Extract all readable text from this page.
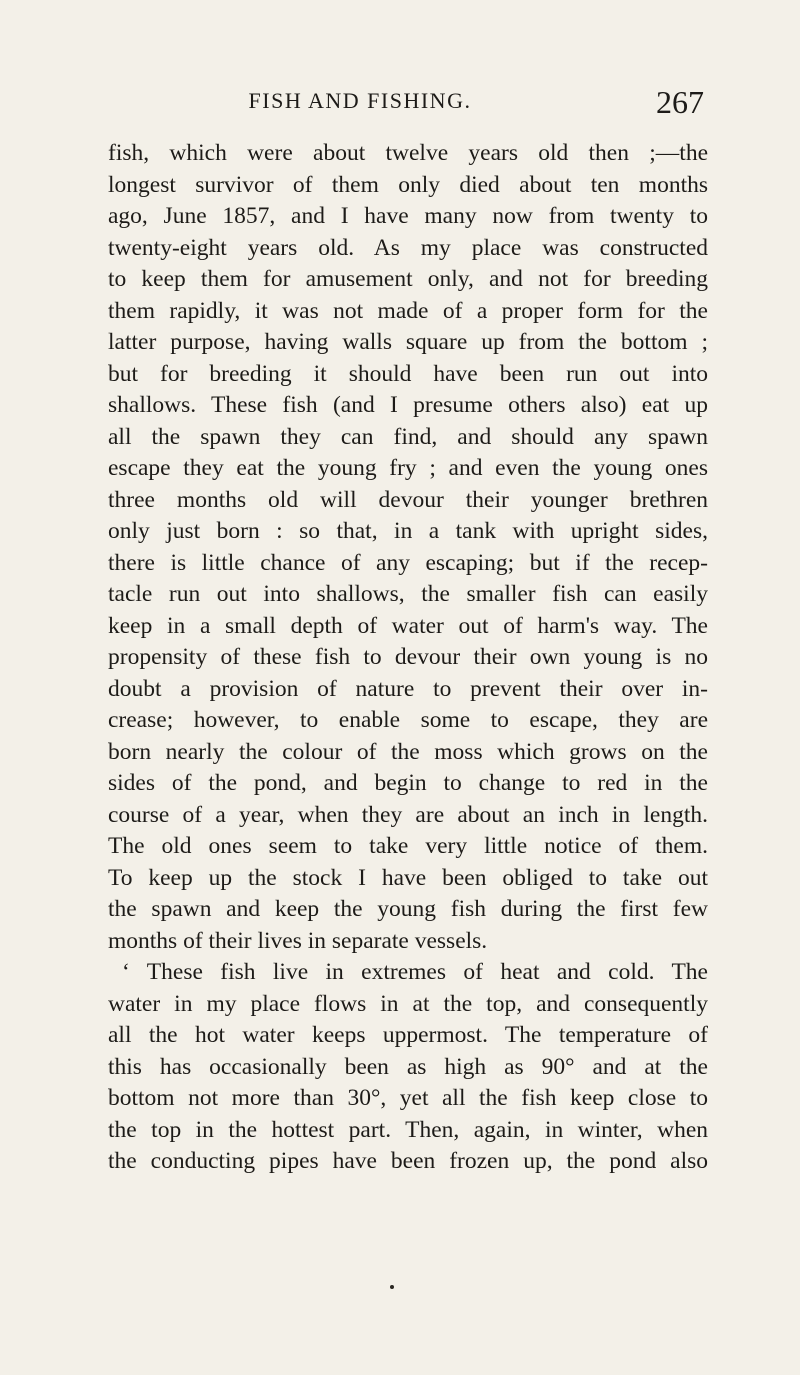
FISH AND FISHING.	267
fish, which were about twelve years old then ;—the
longest survivor of them only died about ten months
ago, June 1857, and I have many now from twenty to
twenty-eight years old. As my place was constructed
to keep them for amusement only, and not for breeding
them rapidly, it was not made of a proper form for the
latter purpose, having walls square up from the bottom ;
but for breeding it should have been run out into
shallows. These fish (and I presume others also) eat up
all the spawn they can find, and should any spawn
escape they eat the young fry ; and even the young ones
three months old will devour their younger brethren
only just born : so that, in a tank with upright sides,
there is little chance of any escaping; but if the recep-
tacle run out into shallows, the smaller fish can easily
keep in a small depth of water out of harm's way. The
propensity of these fish to devour their own young is no
doubt a provision of nature to prevent their over in-
crease; however, to enable some to escape, they are
born nearly the colour of the moss which grows on the
sides of the pond, and begin to change to red in the
course of a year, when they are about an inch in length.
The old ones seem to take very little notice of them.
To keep up the stock I have been obliged to take out
the spawn and keep the young fish during the first few
months of their lives in separate vessels.
‘ These fish live in extremes of heat and cold. The
water in my place flows in at the top, and consequently
all the hot water keeps uppermost. The temperature of
this has occasionally been as high as 90° and at the
bottom not more than 30°, yet all the fish keep close to
the top in the hottest part. Then, again, in winter, when
the conducting pipes have been frozen up, the pond also
